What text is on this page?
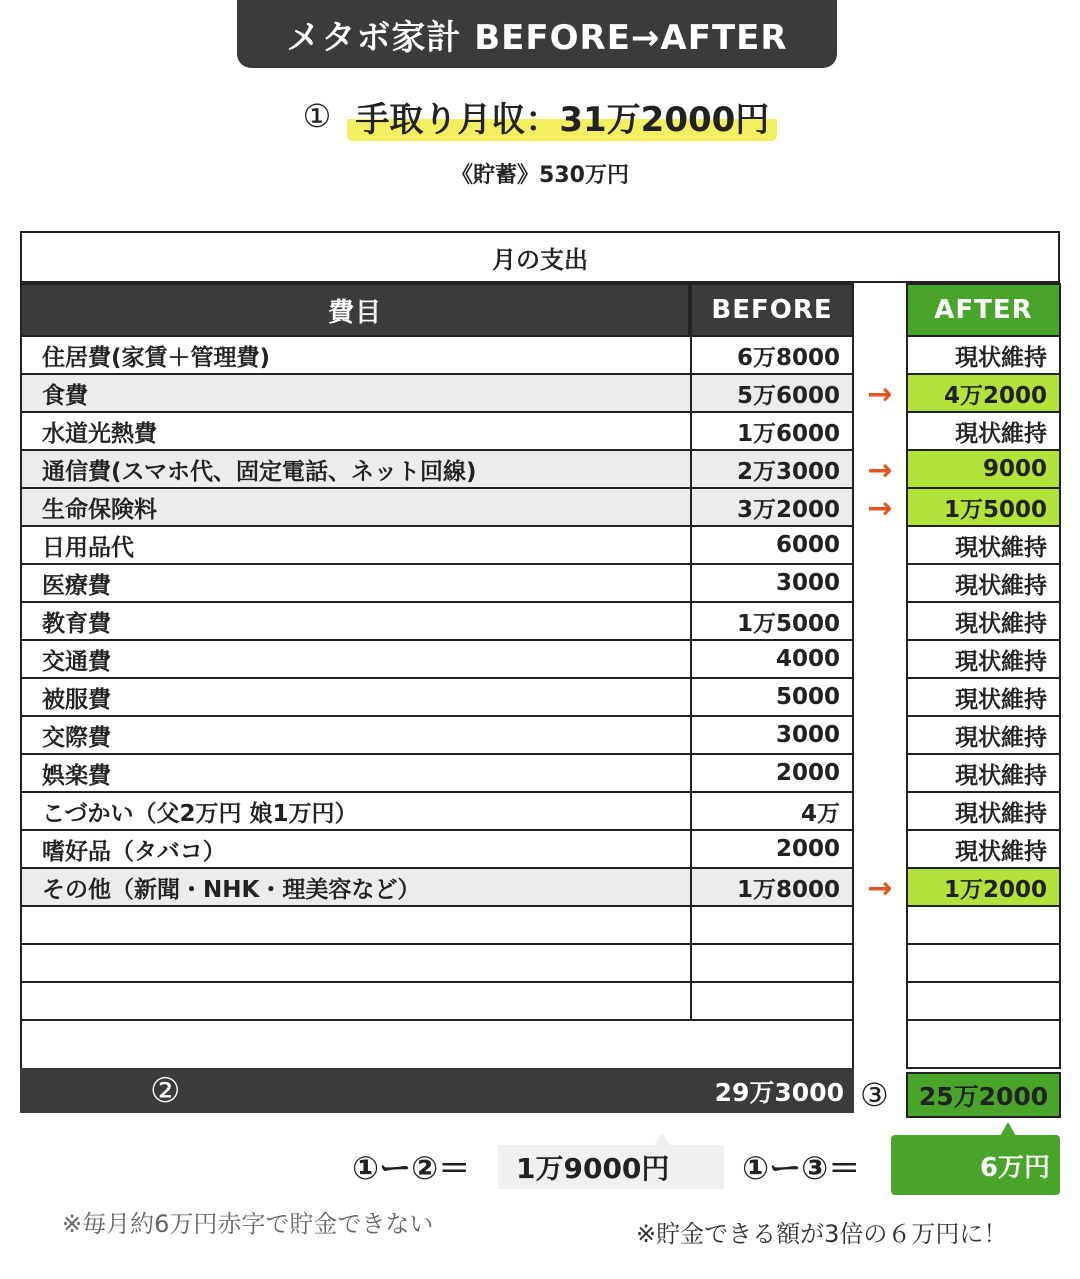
メタボ家計 BEFORE→AFTER
① 手取り月収：31万2000円
《貯蓄》530万円
月の支出
費目	BEFORE	AFTER
住居費(家賃＋管理費)	6万8000	現状維持
食費	5万6000 →	4万2000
水道光熱費	1万6000	現状維持
通信費(スマホ代、固定電話、ネット回線)	2万3000 →	9000
生命保険料	3万2000 →	1万5000
日用品代	6000	現状維持
医療費	3000	現状維持
教育費	1万5000	現状維持
交通費	4000	現状維持
被服費	5000	現状維持
交際費	3000	現状維持
娯楽費	2000	現状維持
こづかい（父2万円 娘1万円）	4万	現状維持
嗜好品（タバコ）	2000	現状維持
その他（新聞・NHK・理美容など）	1万8000 →	1万2000
②	29万3000 ③	25万2000
①ー②＝	1万9000円	①ー③＝	6万円
※毎月約6万円赤字で貯金できない	※貯金できる額が3倍の６万円に！
